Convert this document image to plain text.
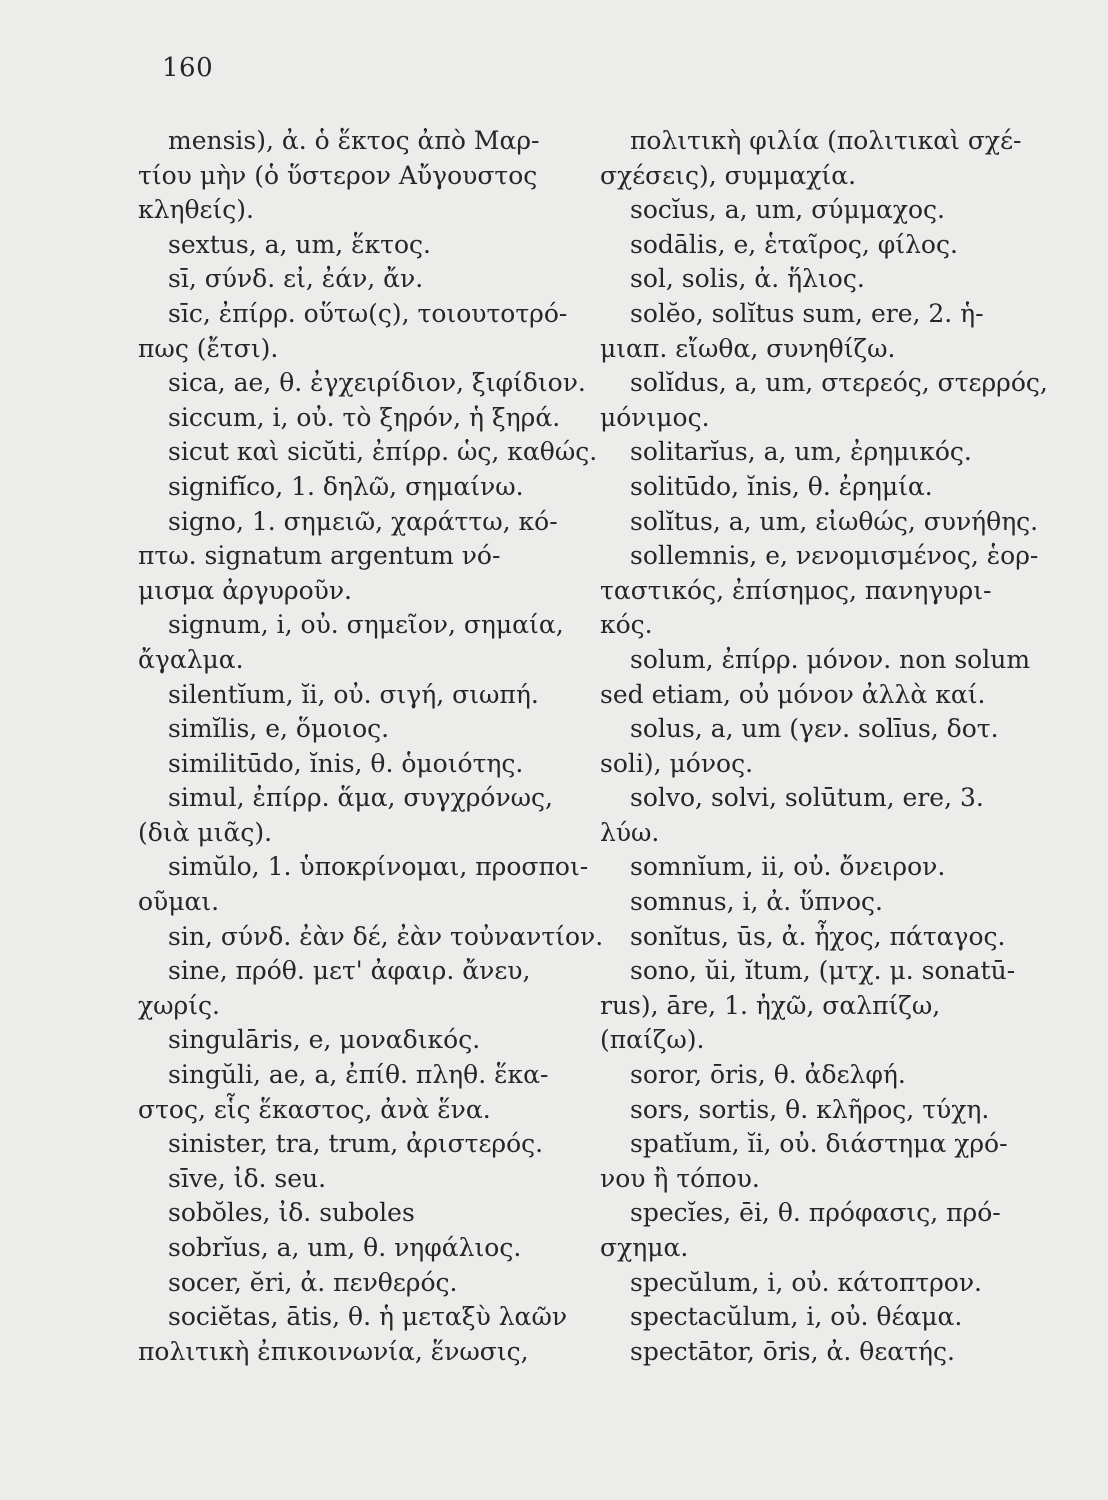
160
mensis), ἀ. ὁ ἕκτος ἀπὸ Μαρ-
τίου μὴν (ὁ ὕστερον Αὔγουστος
κληθείς).
sextus, a, um, ἕκτος.
sī, σύνδ. εἰ, ἐάν, ἄν.
sīc, ἐπίρρ. οὕτω(ς), τοιουτοτρό-
πως (ἔτσι).
sica, ae, θ. ἐγχειρίδιον, ξιφίδιον.
siccum, i, οὐ. τὸ ξηρόν, ἡ ξηρά.
sicut καὶ sicŭti, ἐπίρρ. ὡς, καθώς.
signifĭco, 1. δηλῶ, σημαίνω.
signo, 1. σημειῶ, χαράττω, κό-
πτω. signatum argentum νό-
μισμα ἀργυροῦν.
signum, i, οὐ. σημεῖον, σημαία,
ἄγαλμα.
silentĭum, ĭi, οὐ. σιγή, σιωπή.
simĭlis, e, ὅμοιος.
similitūdo, ĭnis, θ. ὁμοιότης.
simul, ἐπίρρ. ἅμα, συγχρόνως,
(διὰ μιᾶς).
simŭlo, 1. ὑποκρίνομαι, προσποι-
οῦμαι.
sin, σύνδ. ἐὰν δέ, ἐὰν τοὐναντίον.
sine, πρόθ. μετ' ἀφαιρ. ἄνευ,
χωρίς.
singulāris, e, μοναδικός.
singŭli, ae, a, ἐπίθ. πληθ. ἕκα-
στος, εἷς ἕκαστος, ἀνὰ ἕνα.
sinister, tra, trum, ἀριστερός.
sīve, ἰδ. seu.
sobŏles, ἰδ. suboles
sobrĭus, a, um, θ. νηφάλιος.
socer, ĕri, ἀ. πενθερός.
sociĕtas, ātis, θ. ἡ μεταξὺ λαῶν
πολιτικὴ ἐπικοινωνία, ἕνωσις,
πολιτικὴ φιλία (πολιτικαὶ σχέ-
σχέσεις), συμμαχία.
socĭus, a, um, σύμμαχος.
sodālis, e, ἑταῖρος, φίλος.
sol, solis, ἀ. ἥλιος.
solĕo, solĭtus sum, ere, 2. ἡ-
μιαπ. εἴωθα, συνηθίζω.
solĭdus, a, um, στερεός, στερρός,
μόνιμος.
solitarĭus, a, um, ἐρημικός.
solitūdo, ĭnis, θ. ἐρημία.
solĭtus, a, um, εἰωθώς, συνήθης.
sollemnis, e, νενομισμένος, ἑορ-
ταστικός, ἐπίσημος, πανηγυρι-
κός.
solum, ἐπίρρ. μόνον. non solum
sed etiam, οὐ μόνον ἀλλὰ καί.
solus, a, um (γεν. solīus, δοτ.
soli), μόνος.
solvo, solvi, solūtum, ere, 3.
λύω.
somnĭum, ii, οὐ. ὄνειρον.
somnus, i, ἀ. ὕπνος.
sonĭtus, ūs, ἀ. ἦχος, πάταγος.
sono, ŭi, ĭtum, (μτχ. μ. sonatū-
rus), āre, 1. ἠχῶ, σαλπίζω,
(παίζω).
soror, ōris, θ. ἀδελφή.
sors, sortis, θ. κλῆρος, τύχη.
spatĭum, ĭi, οὐ. διάστημα χρό-
νου ἢ τόπου.
specĭes, ēi, θ. πρόφασις, πρό-
σχημα.
specŭlum, i, οὐ. κάτοπτρον.
spectacŭlum, i, οὐ. θέαμα.
spectātor, ōris, ἀ. θεατής.
